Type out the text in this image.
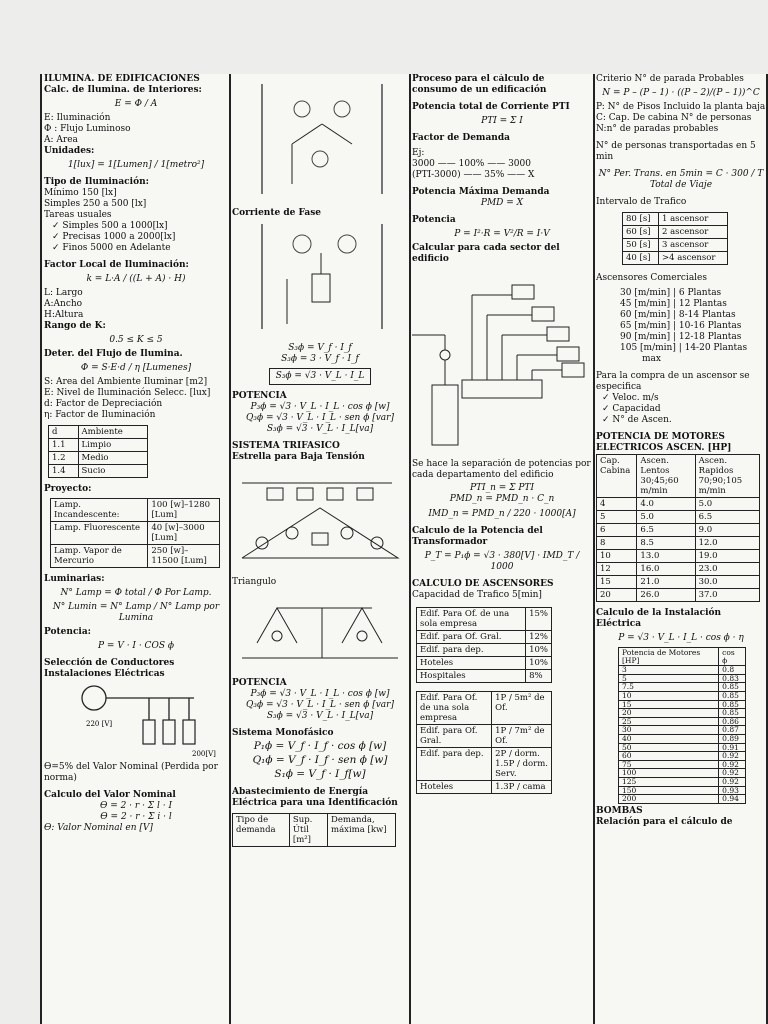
ILUMINA. DE EDIFICACIONES
Calc. de Ilumina. de Interiores:
E = Φ / A
E: Iluminación
Φ : Flujo Luminoso
A: Area
Unidades:
1[lux] = 1[Lumen] / 1[metro²]
Tipo de Iluminación:
Mínimo 150 [lx]
Simples 250 a 500 [lx]
Tareas usuales
✓ Simples 500 a 1000[lx]
✓ Precisas 1000 a 2000[lx]
✓ Finos 5000 en Adelante
Factor Local de Iluminación:
k = L·A / ((L + A) · H)
L: Largo
A:Ancho
H:Altura
Rango de K:
0.5 ≤ K ≤ 5
Deter. del Flujo de Ilumina.
Φ = S·E·d / η [Lumenes]
S: Area del Ambiente Iluminar [m2]
E: Nivel de Iluminación Selecc. [lux]
d: Factor de Depreciación
η: Factor de Iluminación
d	Ambiente
1.1	Limpio
1.2	Medio
1.4	Sucio
Proyecto:
Lamp. Incandescente:	100 [w]–1280 [Lum]
Lamp. Fluorescente	40 [w]–3000 [Lum]
Lamp. Vapor de Mercurio	250 [w]– 11500 [Lum]
Luminarias:
N° Lamp = Φ total / Φ Por Lamp.
N° Lumin = N° Lamp / N° Lamp por Lumina
Potencia:
P = V · I · COS ϕ
Selección de Conductores Instalaciones Eléctricas
220 [V]
200[V]
ϴ=5% del Valor Nominal (Perdida por norma)
Calculo del Valor Nominal
ϴ = 2 · r · Σ l · I
ϴ = 2 · r · Σ i · l
ϴ: Valor Nominal en [V]
Corriente de Fase
S₃ϕ = V_f · I_f
S₃ϕ = 3 · V_f · I_f
S₃ϕ = √3 · V_L · I_L
POTENCIA
P₃ϕ = √3 · V_L · I_L · cos ϕ [w]
Q₃ϕ = √3 · V_L · I_L · sen ϕ [var]
S₃ϕ = √3 · V_L · I_L[va]
SISTEMA TRIFASICO
Estrella para Baja Tensión
Triangulo
POTENCIA
P₃ϕ = √3 · V_L · I_L · cos ϕ [w]
Q₃ϕ = √3 · V_L · I_L · sen ϕ [var]
S₃ϕ = √3 · V_L · I_L[va]
Sistema Monofásico
P₁ϕ = V_f · I_f · cos ϕ [w]
Q₁ϕ = V_f · I_f · sen ϕ [w]
S₁ϕ = V_f · I_f[w]
Abastecimiento de Energía Eléctrica para una Identificación
Tipo de demanda	Sup. Útil [m²]	Demanda, máxima [kw]
Proceso para el cálculo de consumo de un edificación
Potencia total de Corriente PTI
PTI = Σ I
Factor de Demanda
Ej:
3000 —— 100% —— 3000
(PTI-3000) —— 35% —— X
Potencia Máxima Demanda
PMD = X
Potencia
P = I²·R = V²/R = I·V
Calcular para cada sector del edificio
Se hace la separación de potencias por cada departamento del edificio
PTI_n = Σ PTI
PMD_n = PMD_n · C_n
IMD_n = PMD_n / 220 · 1000[A]
Calculo de la Potencia del Transformador
P_T = P₁ϕ = √3 · 380[V] · IMD_T / 1000
CALCULO DE ASCENSORES
Capacidad de Trafico 5[min]
Edif. Para Of. de una sola empresa	15%
Edif. para Of. Gral.	12%
Edif. para dep.	10%
Hoteles	10%
Hospitales	8%
Edif. Para Of. de una sola empresa	1P / 5m² de Of.
Edif. para Of. Gral.	1P / 7m² de Of.
Edif. para dep.	2P / dorm. 1.5P / dorm. Serv.
Hoteles	1.3P / cama
Criterio N° de parada Probables
N = P – (P – 1) · ((P – 2)/(P – 1))^C
P: N° de Pisos Incluido la planta baja
C: Cap. De cabina N° de personas
N:n° de paradas probables
N° de personas transportadas en 5 min
N° Per. Trans. en 5min = C · 300 / T Total de Viaje
Intervalo de Trafico
80 [s]	1 ascensor
60 [s]	2 ascensor
50 [s]	3 ascensor
40 [s]	>4 ascensor
Ascensores Comerciales
30 [m/min] | 6 Plantas
45 [m/min] | 12 Plantas
60 [m/min] | 8-14 Plantas
65 [m/min] | 10-16 Plantas
90 [m/min] | 12-18 Plantas
105 [m/min] | 14-20 Plantas
max
Para la compra de un ascensor se especifica
✓ Veloc. m/s
✓ Capacidad
✓ N° de Ascen.
POTENCIA DE MOTORES ELECTRICOS ASCEN. [HP]
Cap. Cabina	Ascen. Lentos 30;45;60 m/min	Ascen. Rapidos 70;90;105 m/min
4	4.0	5.0
5	5.0	6.5
6	6.5	9.0
8	8.5	12.0
10	13.0	19.0
12	16.0	23.0
15	21.0	30.0
20	26.0	37.0
Calculo de la Instalación Eléctrica
P = √3 · V_L · I_L · cos ϕ · η
Potencia de Motores [HP]	cos ϕ
3	0.8
5	0.83
7.5	0.85
10	0.85
15	0.85
20	0.85
25	0.86
30	0.87
40	0.89
50	0.91
60	0.92
75	0.92
100	0.92
125	0.92
150	0.93
200	0.94
BOMBAS
Relación para el cálculo de
